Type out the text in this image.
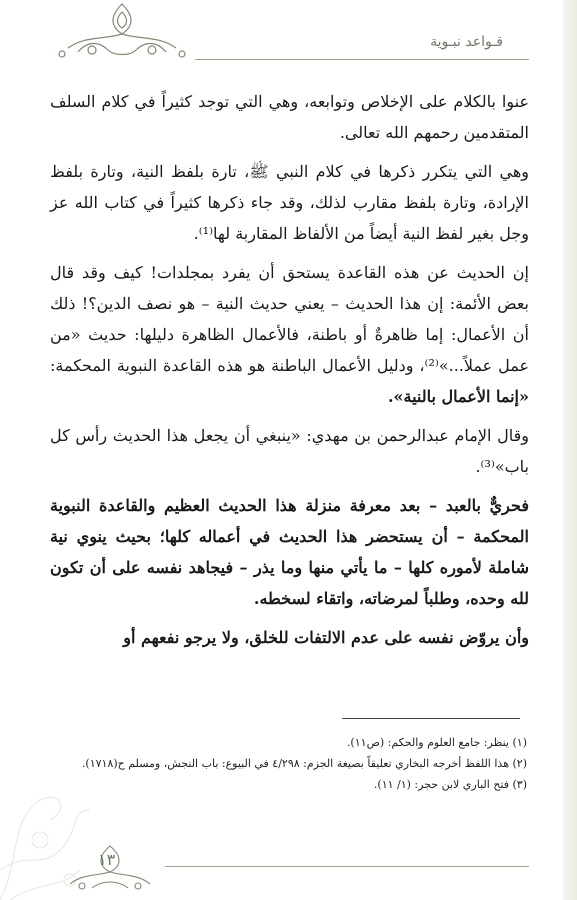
قـواعد نبـوية

عنوا بالكلام على الإخلاص وتوابعه، وهي التي توجد كثيراً في كلام السلف المتقدمين رحمهم الله تعالى.

وهي التي يتكرر ذكرها في كلام النبي ﷺ، تارة بلفظ النية، وتارة بلفظ الإرادة، وتارة بلفظ مقارب لذلك، وقد جاء ذكرها كثيراً في كتاب الله عز وجل بغير لفظ النية أيضاً من الألفاظ المقاربة لها⁽¹⁾.

إن الحديث عن هذه القاعدة يستحق أن يفرد بمجلدات! كيف وقد قال بعض الأئمة: إن هذا الحديث – يعني حديث النية – هو نصف الدين؟! ذلك أن الأعمال: إما ظاهرةٌ أو باطنة، فالأعمال الظاهرة دليلها: حديث «من عمل عملاً...»⁽²⁾، ودليل الأعمال الباطنة هو هذه القاعدة النبوية المحكمة: «إنما الأعمال بالنية».

وقال الإمام عبدالرحمن بن مهدي: «ينبغي أن يجعل هذا الحديث رأس كل باب»⁽³⁾.

فحريٌّ بالعبد – بعد معرفة منزلة هذا الحديث العظيم والقاعدة النبوية المحكمة – أن يستحضر هذا الحديث في أعماله كلها؛ بحيث ينوي نية شاملة لأموره كلها – ما يأتي منها وما يذر – فيجاهد نفسه على أن تكون لله وحده، وطلباً لمرضاته، واتقاء لسخطه.

وأن يروّض نفسه على عدم الالتفات للخلق، ولا يرجو نفعهم أو

(١) ينظر: جامع العلوم والحكم: (ص١١).
(٢) هذا اللفظ أخرجه البخاري تعليقاً بصيغة الجزم: ٤/٢٩٨ في البيوع: باب النجش، ومسلم ح(١٧١٨).
(٣) فتح الباري لابن حجر: (١/ ١١).
١٣
